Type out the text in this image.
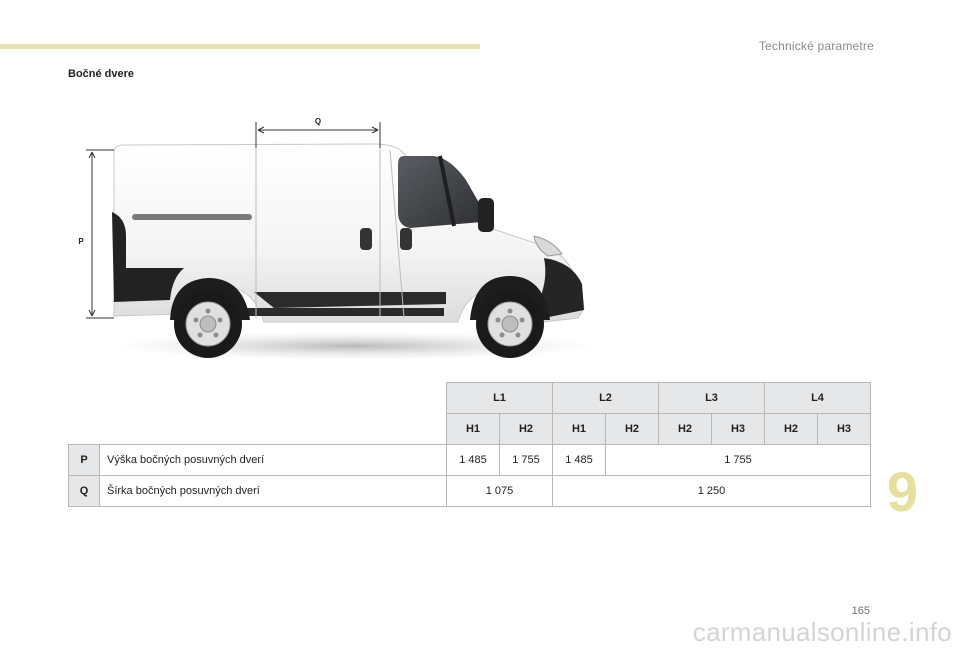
Technické parametre
Bočné dvere
Q
P
		L1		L2		L3		L4	
		H1	H2	H1	H2	H2	H3	H2	H3
P	Výška bočných posuvných dverí	1 485	1 755	1 485	1 755				
Q	Šírka bočných posuvných dverí	1 075		1 250						9
165
carmanualsonline.info
